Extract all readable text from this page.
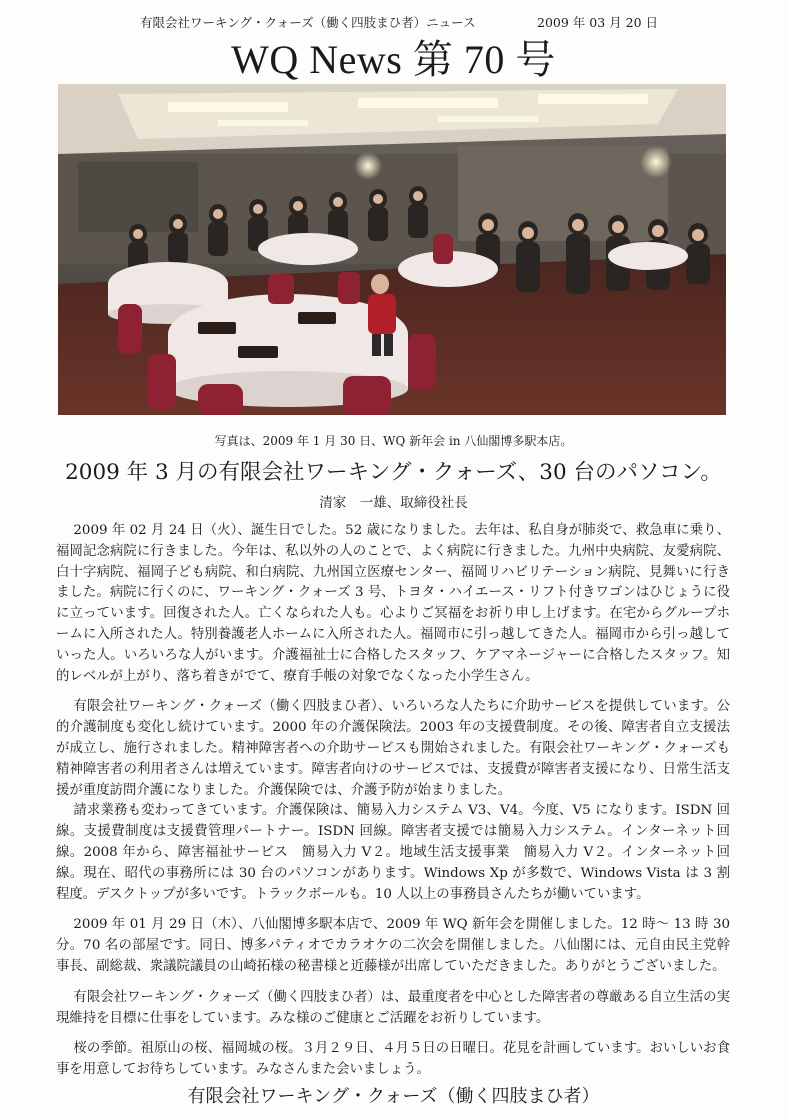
有限会社ワーキング・クォーズ（働く四肢まひ者）ニュース	2009 年 03 月 20 日
WQ News 第 70 号
写真は、2009 年 1 月 30 日、WQ 新年会 in 八仙閣博多駅本店。
2009 年 3 月の有限会社ワーキング・クォーズ、30 台のパソコン。
清家　一雄、取締役社長

2009 年 02 月 24 日（火）、誕生日でした。52 歳になりました。去年は、私自身が肺炎で、救急車に乗り、福岡記念病院に行きました。今年は、私以外の人のことで、よく病院に行きました。九州中央病院、友愛病院、白十字病院、福岡子ども病院、和白病院、九州国立医療センター、福岡リハビリテーション病院、見舞いに行きました。病院に行くのに、ワーキング・クォーズ 3 号、トヨタ・ハイエース・リフト付きワゴンはひじょうに役に立っています。回復された人。亡くなられた人も。心よりご冥福をお祈り申し上げます。在宅からグループホームに入所された人。特別養護老人ホームに入所された人。福岡市に引っ越してきた人。福岡市から引っ越していった人。いろいろな人がいます。介護福祉士に合格したスタッフ、ケアマネージャーに合格したスタッフ。知的レベルが上がり、落ち着きがでて、療育手帳の対象でなくなった小学生さん。

有限会社ワーキング・クォーズ（働く四肢まひ者）、いろいろな人たちに介助サービスを提供しています。公的介護制度も変化し続けています。2000 年の介護保険法。2003 年の支援費制度。その後、障害者自立支援法が成立し、施行されました。精神障害者への介助サービスも開始されました。有限会社ワーキング・クォーズも精神障害者の利用者さんは増えています。障害者向けのサービスでは、支援費が障害者支援になり、日常生活支援が重度訪問介護になりました。介護保険では、介護予防が始まりました。

請求業務も変わってきています。介護保険は、簡易入力システム V3、V4。今度、V5 になります。ISDN 回線。支援費制度は支援費管理パートナー。ISDN 回線。障害者支援では簡易入力システム。インターネット回線。2008 年から、障害福祉サービス　簡易入力 V２。地域生活支援事業　簡易入力 V２。インターネット回線。現在、昭代の事務所には 30 台のパソコンがあります。Windows Xp が多数で、Windows Vista は 3 割程度。デスクトップが多いです。トラックボールも。10 人以上の事務員さんたちが働いています。

2009 年 01 月 29 日（木）、八仙閣博多駅本店で、2009 年 WQ 新年会を開催しました。12 時～ 13 時 30 分。70 名の部屋です。同日、博多パティオでカラオケの二次会を開催しました。八仙閣には、元自由民主党幹事長、副総裁、衆議院議員の山崎拓様の秘書様と近藤様が出席していただきました。ありがとうございました。

有限会社ワーキング・クォーズ（働く四肢まひ者）は、最重度者を中心とした障害者の尊厳ある自立生活の実現維持を目標に仕事をしています。みな様のご健康とご活躍をお祈りしています。

桜の季節。祖原山の桜、福岡城の桜。３月２９日、４月５日の日曜日。花見を計画しています。おいしいお食事を用意してお待ちしています。みなさんまた会いましょう。

有限会社ワーキング・クォーズ（働く四肢まひ者）
